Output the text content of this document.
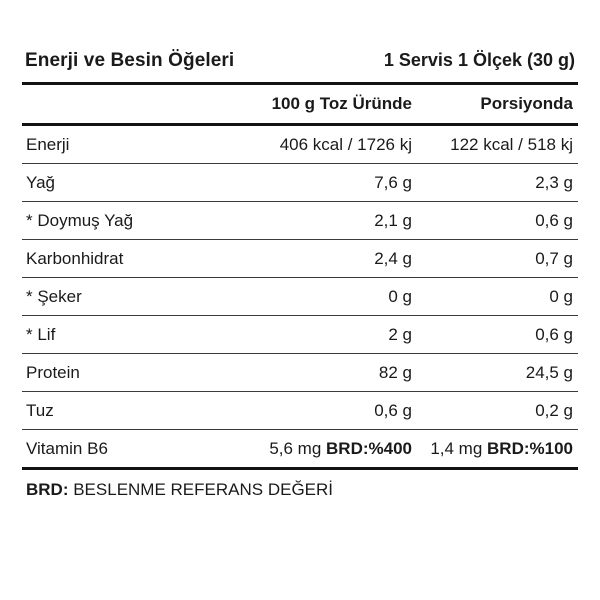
Enerji ve Besin Öğeleri	1 Servis 1 Ölçek (30 g)
	100 g Toz Üründe	Porsiyonda
Enerji	406 kcal / 1726 kj	122 kcal / 518 kj
Yağ	7,6 g	2,3 g
* Doymuş Yağ	2,1 g	0,6 g
Karbonhidrat	2,4 g	0,7 g
* Şeker	0 g	0 g
* Lif	2 g	0,6 g
Protein	82 g	24,5 g
Tuz	0,6 g	0,2 g
Vitamin B6	5,6 mg BRD:%400	1,4 mg BRD:%100
BRD: BESLENME REFERANS DEĞERİ		
